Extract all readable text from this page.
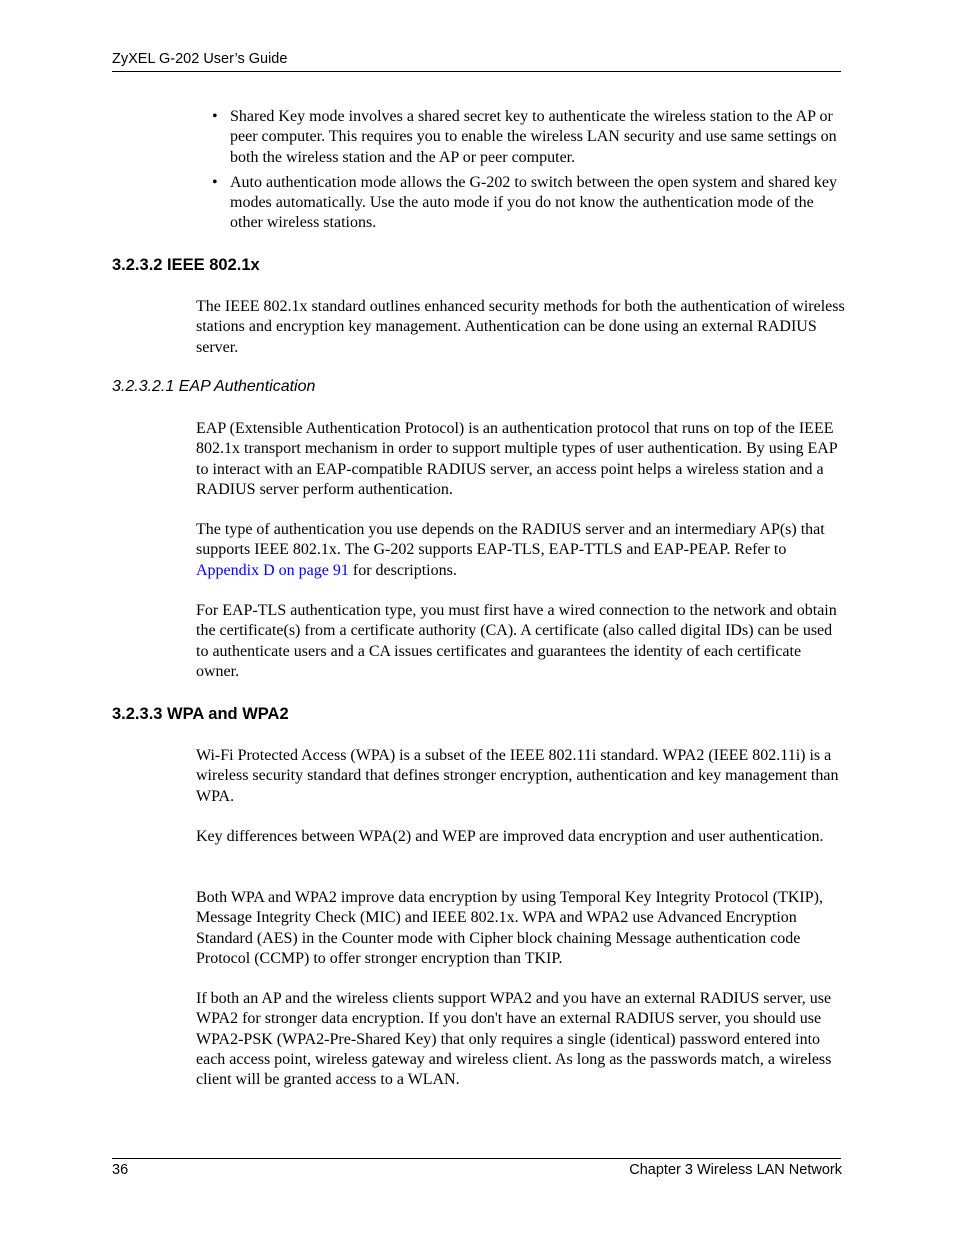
ZyXEL G-202 User’s Guide
• Shared Key mode involves a shared secret key to authenticate the wireless station to the AP or peer computer. This requires you to enable the wireless LAN security and use same settings on both the wireless station and the AP or peer computer.
• Auto authentication mode allows the G-202 to switch between the open system and shared key modes automatically. Use the auto mode if you do not know the authentication mode of the other wireless stations.
3.2.3.2 IEEE 802.1x

The IEEE 802.1x standard outlines enhanced security methods for both the authentication of wireless stations and encryption key management. Authentication can be done using an external RADIUS server.

3.2.3.2.1 EAP Authentication

EAP (Extensible Authentication Protocol) is an authentication protocol that runs on top of the IEEE 802.1x transport mechanism in order to support multiple types of user authentication. By using EAP to interact with an EAP-compatible RADIUS server, an access point helps a wireless station and a RADIUS server perform authentication.

The type of authentication you use depends on the RADIUS server and an intermediary AP(s) that supports IEEE 802.1x. The G-202 supports EAP-TLS, EAP-TTLS and EAP-PEAP. Refer to Appendix D on page 91 for descriptions.

For EAP-TLS authentication type, you must first have a wired connection to the network and obtain the certificate(s) from a certificate authority (CA). A certificate (also called digital IDs) can be used to authenticate users and a CA issues certificates and guarantees the identity of each certificate owner.

3.2.3.3 WPA and WPA2

Wi-Fi Protected Access (WPA) is a subset of the IEEE 802.11i standard. WPA2 (IEEE 802.11i) is a wireless security standard that defines stronger encryption, authentication and key management than WPA.

Key differences between WPA(2) and WEP are improved data encryption and user authentication.

Both WPA and WPA2 improve data encryption by using Temporal Key Integrity Protocol (TKIP), Message Integrity Check (MIC) and IEEE 802.1x. WPA and WPA2 use Advanced Encryption Standard (AES) in the Counter mode with Cipher block chaining Message authentication code Protocol (CCMP) to offer stronger encryption than TKIP.

If both an AP and the wireless clients support WPA2 and you have an external RADIUS server, use WPA2 for stronger data encryption. If you don't have an external RADIUS server, you should use WPA2-PSK (WPA2-Pre-Shared Key) that only requires a single (identical) password entered into each access point, wireless gateway and wireless client. As long as the passwords match, a wireless client will be granted access to a WLAN.

36	Chapter 3 Wireless LAN Network
